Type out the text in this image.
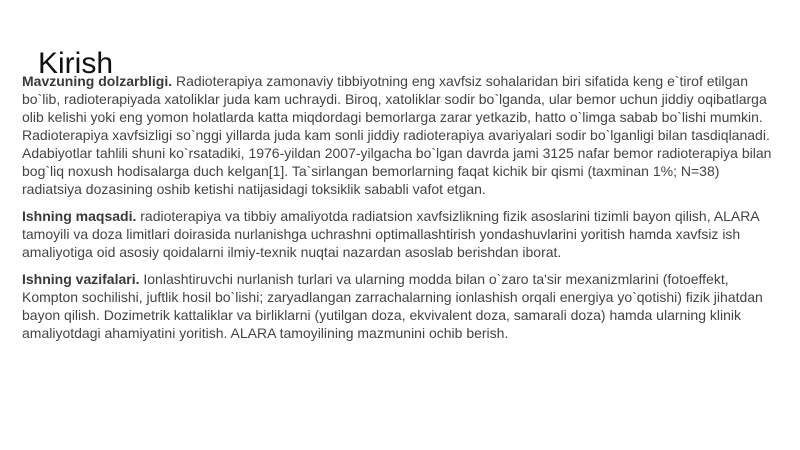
Kirish

Mavzuning dolzarbligi. Radioterapiya zamonaviy tibbiyotning eng xavfsiz sohalaridan biri sifatida keng e`tirof etilgan bo`lib, radioterapiyada xatoliklar juda kam uchraydi. Biroq, xatoliklar sodir bo`lganda, ular bemor uchun jiddiy oqibatlarga olib kelishi yoki eng yomon holatlarda katta miqdordagi bemorlarga zarar yetkazib, hatto o`limga sabab bo`lishi mumkin. Radioterapiya xavfsizligi so`nggi yillarda juda kam sonli jiddiy radioterapiya avariyalari sodir bo`lganligi bilan tasdiqlanadi. Adabiyotlar tahlili shuni ko`rsatadiki, 1976-yildan 2007-yilgacha bo`lgan davrda jami 3125 nafar bemor radioterapiya bilan bog`liq noxush hodisalarga duch kelgan[1]. Ta`sirlangan bemorlarning faqat kichik bir qismi (taxminan 1%; N=38) radiatsiya dozasining oshib ketishi natijasidagi toksiklik sababli vafot etgan.

Ishning maqsadi. radioterapiya va tibbiy amaliyotda radiatsion xavfsizlikning fizik asoslarini tizimli bayon qilish, ALARA tamoyili va doza limitlari doirasida nurlanishga uchrashni optimallashtirish yondashuvlarini yoritish hamda xavfsiz ish amaliyotiga oid asosiy qoidalarni ilmiy-texnik nuqtai nazardan asoslab berishdan iborat.

Ishning vazifalari. Ionlashtiruvchi nurlanish turlari va ularning modda bilan o`zaro ta'sir mexanizmlarini (fotoeffekt, Kompton sochilishi, juftlik hosil bo`lishi; zaryadlangan zarrachalarning ionlashish orqali energiya yo`qotishi) fizik jihatdan bayon qilish. Dozimetrik kattaliklar va birliklarni (yutilgan doza, ekvivalent doza, samarali doza) hamda ularning klinik amaliyotdagi ahamiyatini yoritish. ALARA tamoyilining mazmunini ochib berish.
